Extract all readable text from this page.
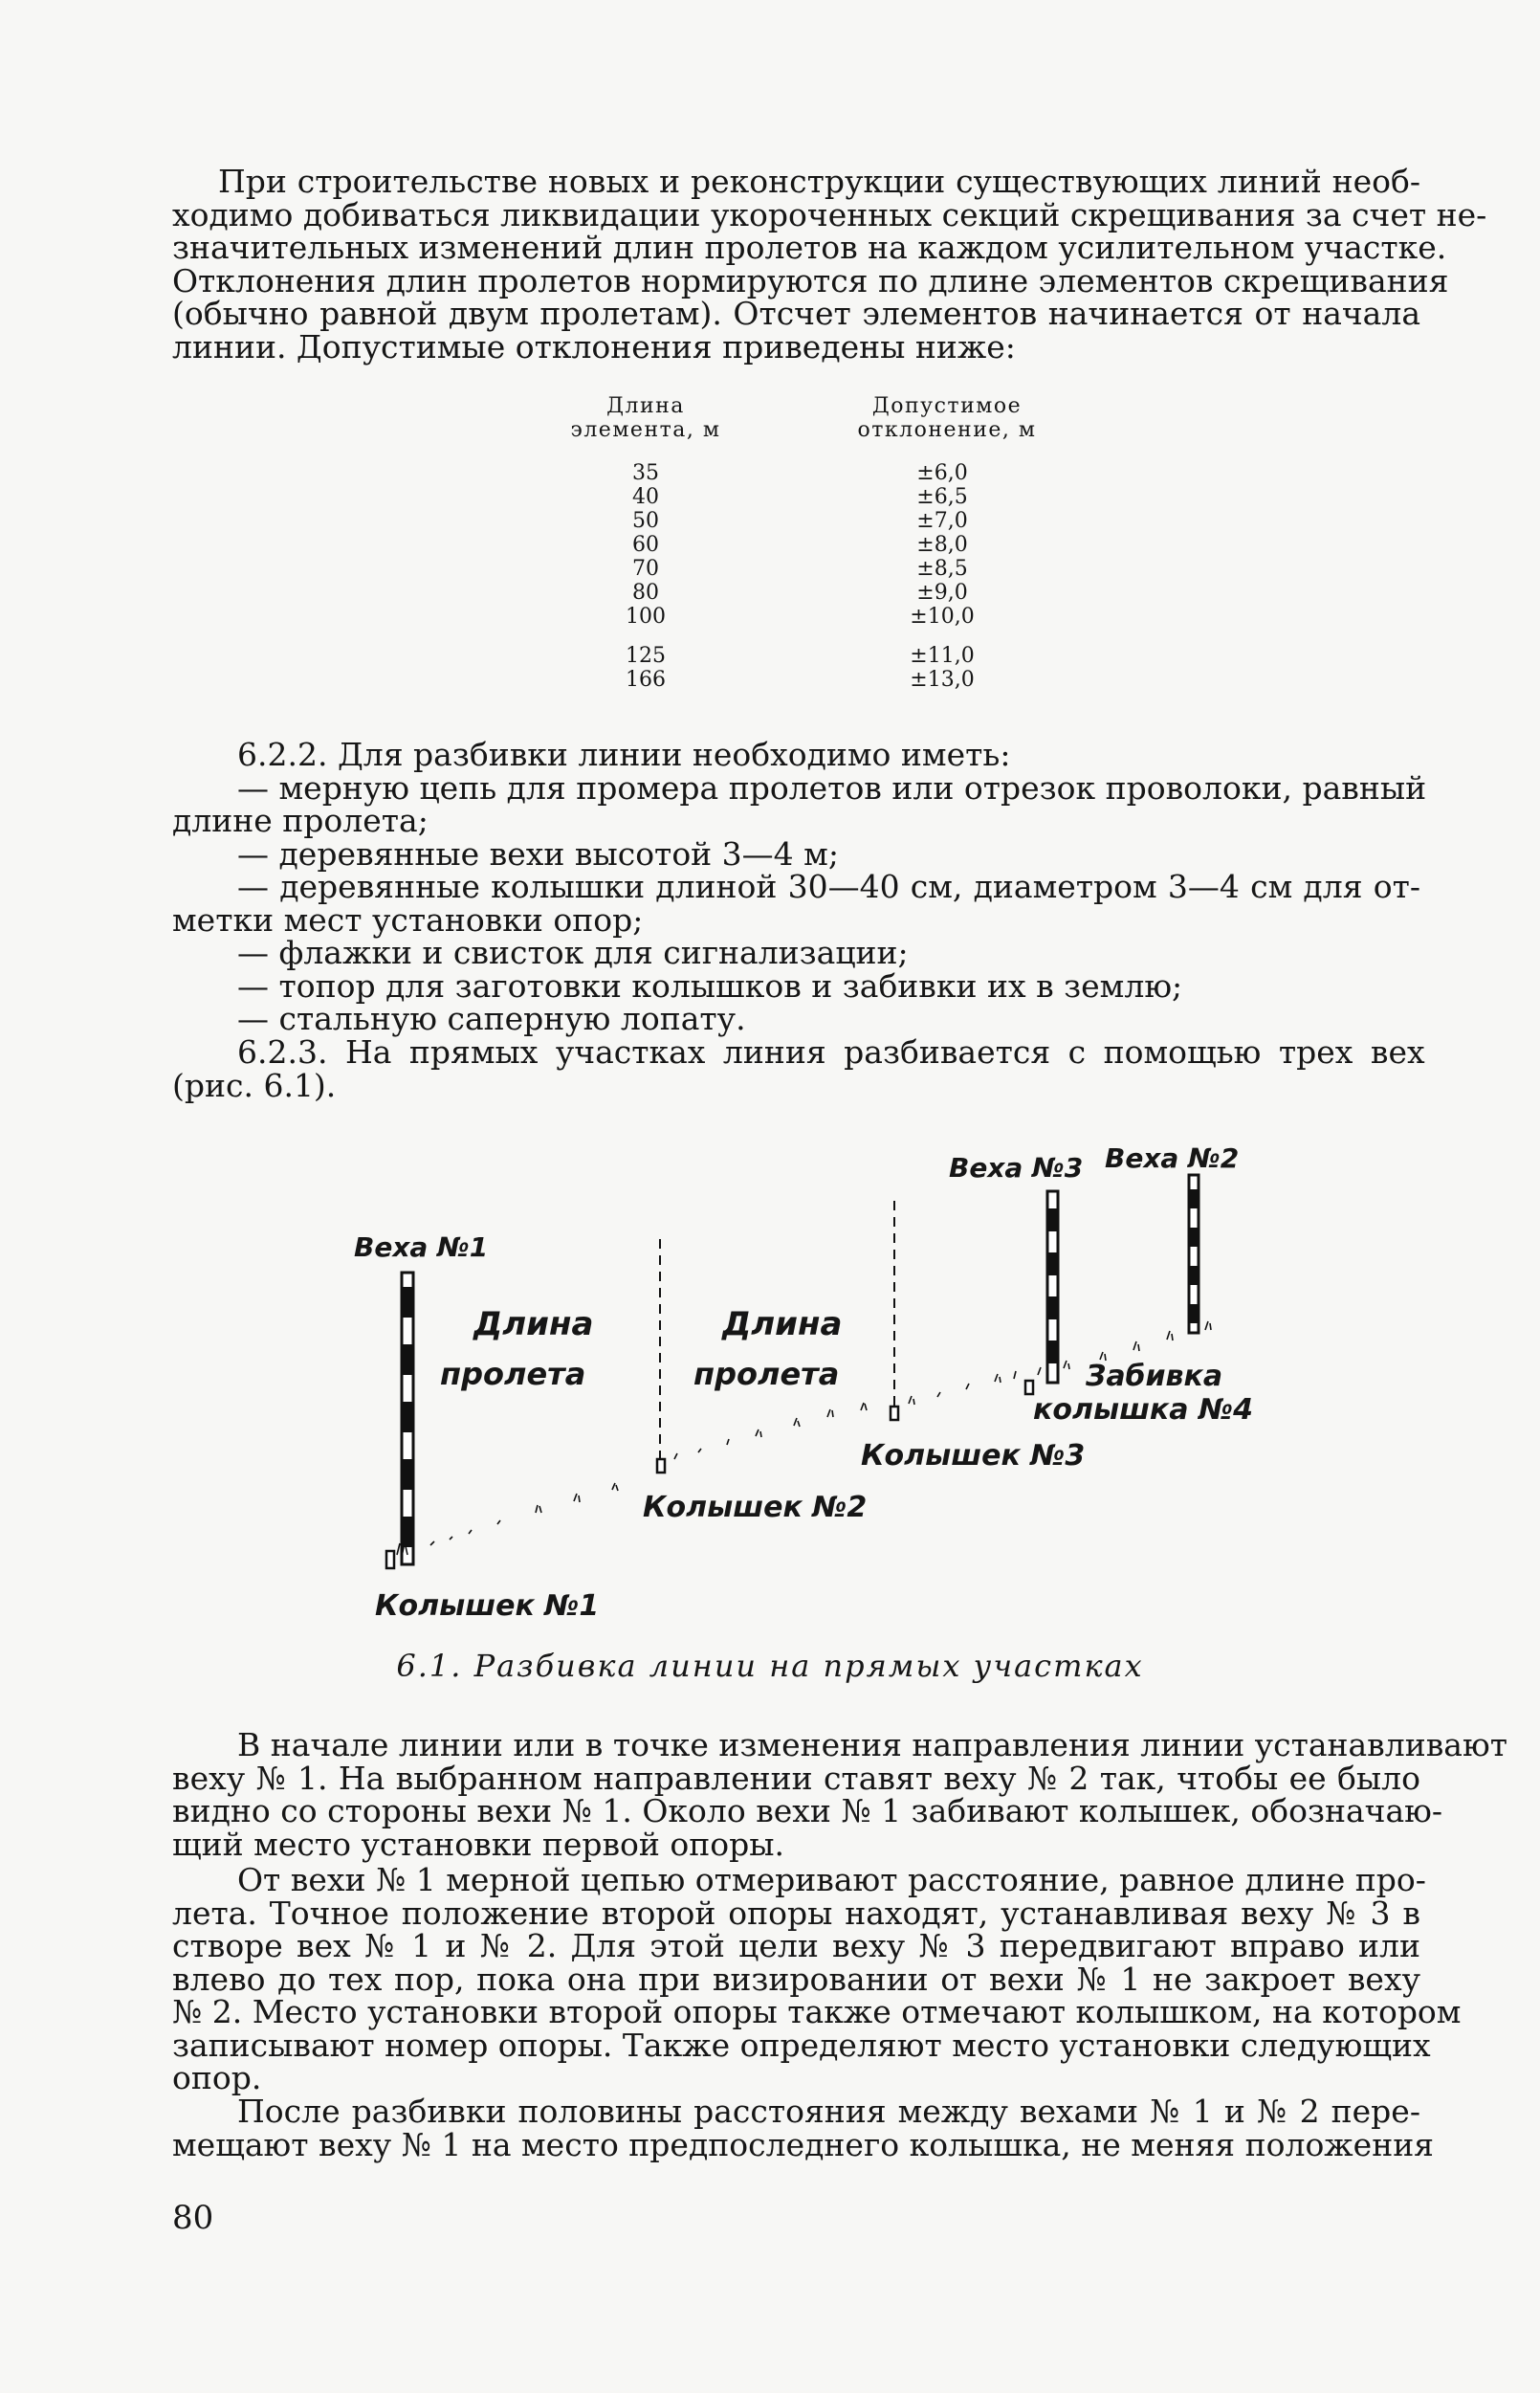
При строительстве новых и реконструкции существующих линий необ-
ходимо добиваться ликвидации укороченных секций скрещивания за счет не-
значительных изменений длин пролетов на каждом усилительном участке.
Отклонения длин пролетов нормируются по длине элементов скрещивания
(обычно равной двум пролетам). Отсчет элементов начинается от начала
линии. Допустимые отклонения приведены ниже:
Длина
элемента, м
Допустимое
отклонение, м
35
40
50
60
70
80
100
125
166
±6,0
±6,5
±7,0
±8,0
±8,5
±9,0
±10,0
±11,0
±13,0
6.2.2. Для разбивки линии необходимо иметь:
— мерную цепь для промера пролетов или отрезок проволоки, равный
длине пролета;
— деревянные вехи высотой 3—4 м;
— деревянные колышки длиной 30—40 см, диаметром 3—4 см для от-
метки мест установки опор;
— флажки и свисток для сигнализации;
— топор для заготовки колышков и забивки их в землю;
— стальную саперную лопату.
6.2.3. На прямых участках линия разбивается с помощью трех вех
(рис. 6.1).
Веха №1
Веха №3 Веха №2
Длина
пролета
Длина
пролета
Колышек №1
Колышек №2
Колышек №3
Забивка
колышка №4
6.1. Разбивка линии на прямых участках
В начале линии или в точке изменения направления линии устанавливают
веху № 1. На выбранном направлении ставят веху № 2 так, чтобы ее было
видно со стороны вехи № 1. Около вехи № 1 забивают колышек, обозначаю-
щий место установки первой опоры.
От вехи № 1 мерной цепью отмеривают расстояние, равное длине про-
лета. Точное положение второй опоры находят, устанавливая веху № 3 в
створе вех № 1 и № 2. Для этой цели веху № 3 передвигают вправо или
влево до тех пор, пока она при визировании от вехи № 1 не закроет веху
№ 2. Место установки второй опоры также отмечают колышком, на котором
записывают номер опоры. Также определяют место установки следующих
опор.
После разбивки половины расстояния между вехами № 1 и № 2 пере-
мещают веху № 1 на место предпоследнего колышка, не меняя положения
80
